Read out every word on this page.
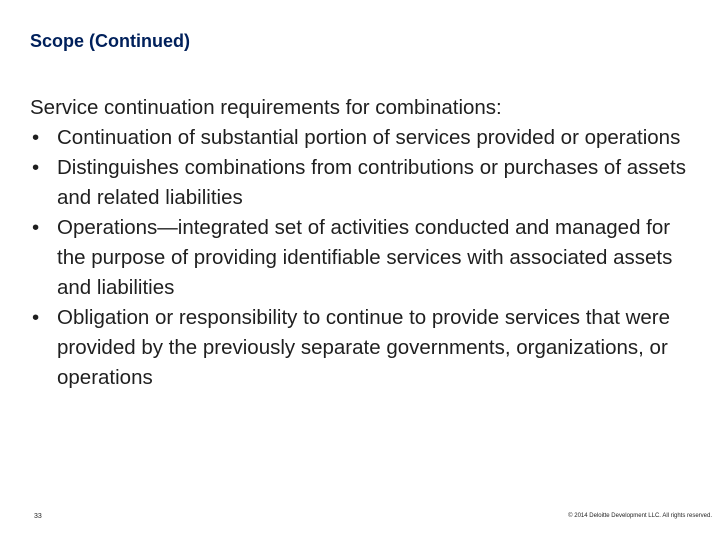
Scope (Continued)
Service continuation requirements for combinations:
• Continuation of substantial portion of services provided or operations
• Distinguishes combinations from contributions or purchases of assets and related liabilities
• Operations—integrated set of activities conducted and managed for the purpose of providing identifiable services with associated assets and liabilities
• Obligation or responsibility to continue to provide services that were provided by the previously separate governments, organizations, or operations
33	© 2014 Deloitte Development LLC. All rights reserved.
